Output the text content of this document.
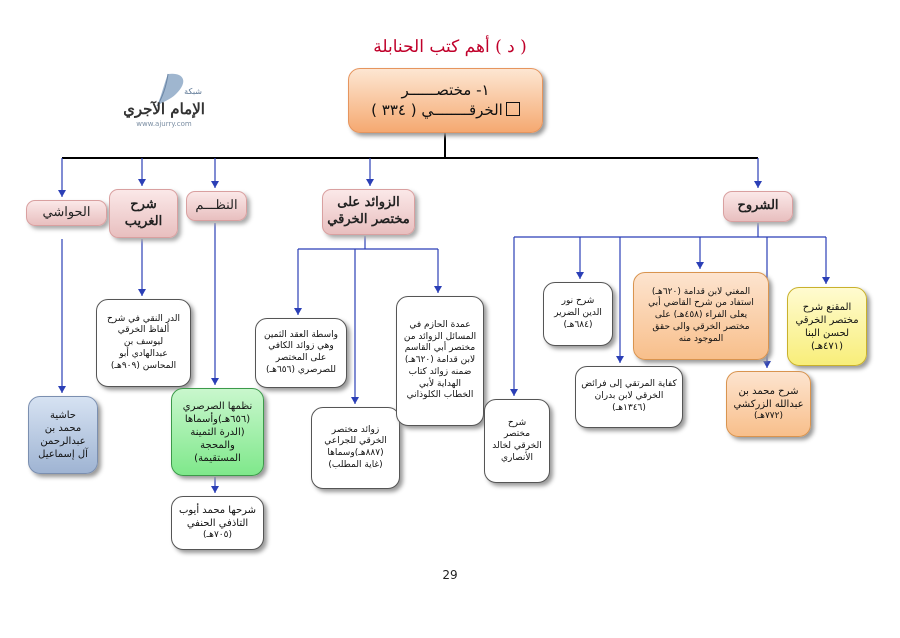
( د ) أهم كتب الحنابلة
شبكة
الإمام الآجري
www.ajurry.com
١- مختصــــــر
الخرقــــــــي ( ٣٣٤ )
الحواشي
شرح
الغريب
النظـــم	الزوائد على
مختصر الخرقي
الشروح
حاشية
محمد بن
عبدالرحمن
آل إسماعيل
الدر النقي في شرح
ألفاظ الخرقي
ليوسف بن
عبدالهادي أبو
المحاسن (٩٠٩هـ)
نظمها الصرصري
(٦٥٦هـ)وأسماها
(الدرة الثمينة
والمحجة
المستقيمة)
شرحها محمد أيوب
التاذفي الحنفي
(٧٠٥هـ)
واسطة العقد الثمين
وهي زوائد الكافي
على المختصر
للصرصري (٦٥٦هـ)
زوائد مختصر
الخرقي للجراعي
(٨٨٧هـ)وسماها
(غاية المطلب)
عمدة الحازم في
المسائل الزوائد من
مختصر أبي القاسم
لابن قدامة (٦٢٠هـ)
ضمنه زوائد كتاب
الهداية لأبي
الخطاب الكلوذاني
شرح
مختصر
الخرقي لخالد
الأنصاري
شرح نور
الدين الضرير
(٦٨٤هـ)
كفاية المرتقي إلى فرائض
الخرقي لابن بدران
(١٣٤٦هـ)
المغني لابن قدامة (٦٢٠هـ)
استفاد من شرح القاضي أبي
يعلى الفراء (٤٥٨هـ) على
مختصر الخرقي والى حقق
الموجود منه
شرح محمد بن
عبدالله الزركشي
(٧٧٢هـ)
المقنع شرح
مختصر الخرقي
لحسن البنا
(٤٧١هـ)
29
